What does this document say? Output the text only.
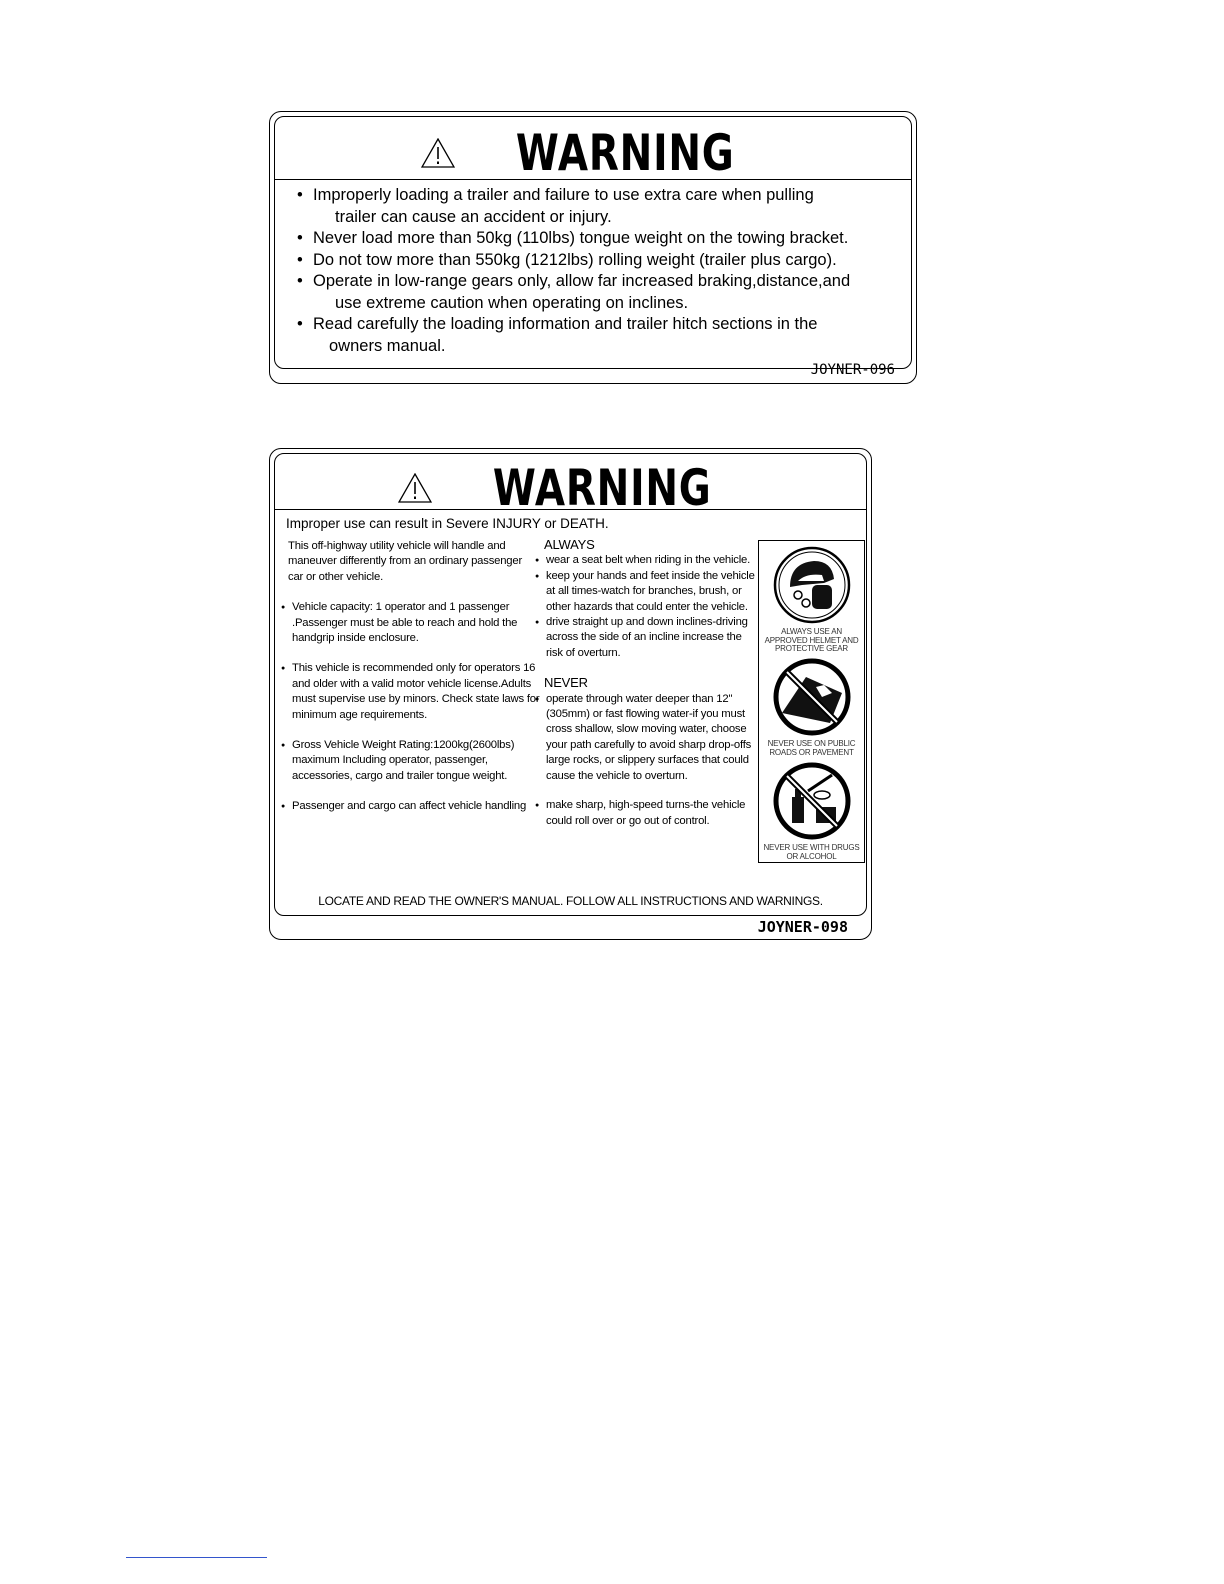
WARNING
• Improperly loading a trailer and failure to use extra care when pulling
trailer can cause an accident or injury.
• Never load more than 50kg (110lbs) tongue weight on the towing bracket.
• Do not tow more than 550kg (1212lbs) rolling weight (trailer plus cargo).
• Operate in low-range gears only, allow far increased braking,distance,and
use extreme caution when operating on inclines.
• Read carefully the loading information and trailer hitch sections in the
owners manual.
JOYNER-096
WARNING
Improper use can result in Severe INJURY or DEATH.
This off-highway utility vehicle will handle and maneuver differently from an ordinary passenger car or other vehicle.
● Vehicle capacity: 1 operator and 1 passenger .Passenger must be able to reach and hold the handgrip inside enclosure.
● This vehicle is recommended only for operators 16 and older with a valid motor vehicle license.Adults must supervise use by minors. Check state laws for minimum age requirements.
● Gross Vehicle Weight Rating:1200kg(2600lbs) maximum Including operator, passenger, accessories, cargo and trailer tongue weight.
● Passenger and cargo can affect vehicle handling
ALWAYS
● wear a seat belt when riding in the vehicle.
● keep your hands and feet inside the vehicle at all times-watch for branches, brush, or other hazards that could enter the vehicle.
● drive straight up and down inclines-driving across the side of an incline increase the risk of overturn.
NEVER
● operate through water deeper than 12"(305mm) or fast flowing water-if you must cross shallow, slow moving water, choose your path carefully to avoid sharp drop-offs large rocks, or slippery surfaces that could cause the vehicle to overturn.
● make sharp, high-speed turns-the vehicle could roll over or go out of control.
ALWAYS USE AN APPROVED HELMET AND PROTECTIVE GEAR
NEVER USE ON PUBLIC ROADS OR PAVEMENT
NEVER USE WITH DRUGS OR ALCOHOL
LOCATE AND READ THE OWNER'S MANUAL. FOLLOW ALL INSTRUCTIONS AND WARNINGS.
JOYNER-098
